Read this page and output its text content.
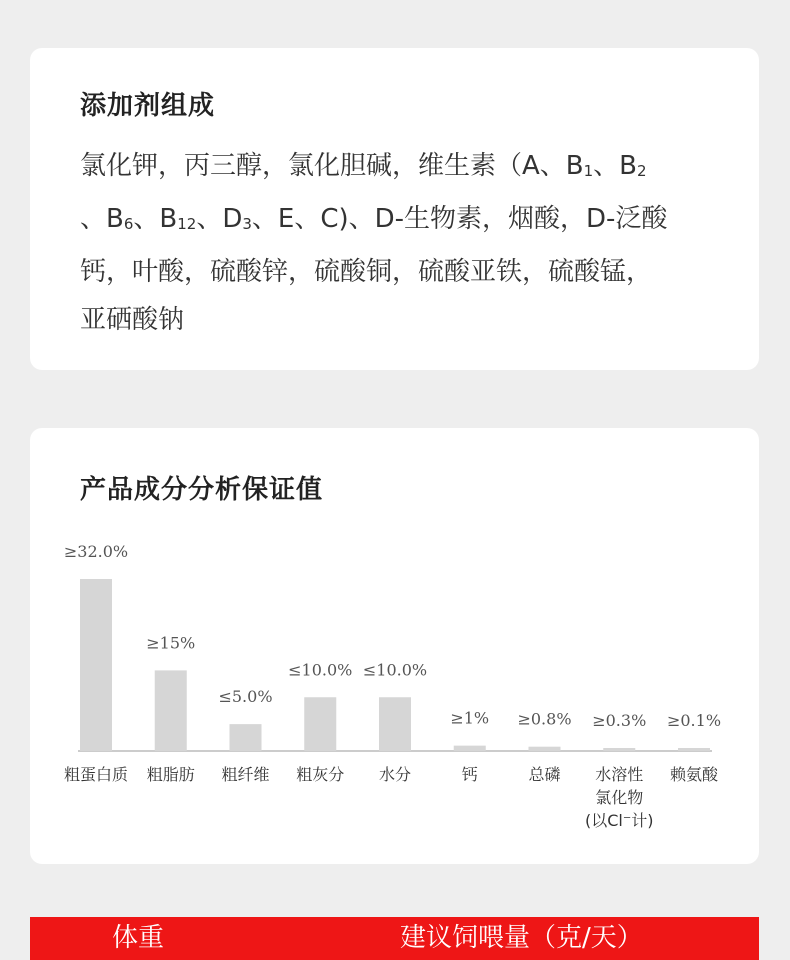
添加剂组成
氯化钾，丙三醇，氯化胆碱，维生素（A、$B_1$、$B_2$
、$B_6$、$B_{12}$、$D_3$、E、C)、D-生物素，烟酸，D-泛酸
钙，叶酸，硫酸锌，硫酸铜，硫酸亚铁，硫酸锰，
亚硒酸钠
产品成分分析保证值
≥32.0%
粗蛋白质
≥15%
粗脂肪
≤5.0%
粗纤维
≤10.0%
粗灰分
≤10.0%
水分
≥1%
钙
≥0.8%
总磷
≥0.3%
水溶性氯化物(以Cl⁻计)
≥0.1%
赖氨酸
体重	建议饲喂量（克/天）
